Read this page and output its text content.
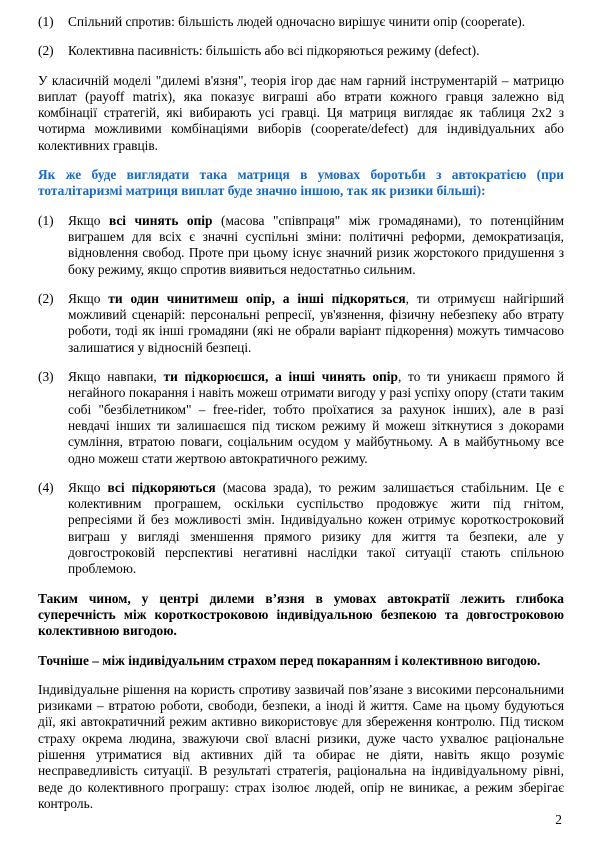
(1) Спільний спротив: більшість людей одночасно вирішує чинити опір (cooperate).
(2) Колективна пасивність: більшість або всі підкоряються режиму (defect).
У класичній моделі "дилемі в'язня", теорія ігор дає нам гарний інструментарій – матрицю виплат (payoff matrix), яка показує виграші або втрати кожного гравця залежно від комбінації стратегій, які вибирають усі гравці. Ця матриця виглядає як таблиця 2х2 з чотирма можливими комбінаціями виборів (cooperate/defect) для індивідуальних або колективних гравців.
Як же буде виглядати така матриця в умовах боротьби з автократією (при тоталітаризмі матриця виплат буде значно іншою, так як ризики більші):
(1) Якщо всі чинять опір (масова "співпраця" між громадянами), то потенційним виграшем для всіх є значні суспільні зміни: політичні реформи, демократизація, відновлення свобод. Проте при цьому існує значний ризик жорстокого придушення з боку режиму, якщо спротив виявиться недостатньо сильним.
(2) Якщо ти один чинитимеш опір, а інші підкоряться, ти отримуєш найгірший можливий сценарій: персональні репресії, ув'язнення, фізичну небезпеку або втрату роботи, тоді як інші громадяни (які не обрали варіант підкорення) можуть тимчасово залишатися у відносній безпеці.
(3) Якщо навпаки, ти підкорюєшся, а інші чинять опір, то ти уникаєш прямого й негайного покарання і навіть можеш отримати вигоду у разі успіху опору (стати таким собі "безбілетником" – free-rider, тобто проїхатися за рахунок інших), але в разі невдачі інших ти залишаєшся під тиском режиму й можеш зіткнутися з докорами сумління, втратою поваги, соціальним осудом у майбутньому. А в майбутньому все одно можеш стати жертвою автократичного режиму.
(4) Якщо всі підкоряються (масова зрада), то режим залишається стабільним. Це є колективним програшем, оскільки суспільство продовжує жити під гнітом, репресіями й без можливості змін. Індивідуально кожен отримує короткостроковий виграш у вигляді зменшення прямого ризику для життя та безпеки, але у довгостроковій перспективі негативні наслідки такої ситуації стають спільною проблемою.
Таким чином, у центрі дилеми в’язня в умовах автократії лежить глибока суперечність між короткостроковою індивідуальною безпекою та довгостроковою колективною вигодою.
Точніше – між індивідуальним страхом перед покаранням і колективною вигодою.
Індивідуальне рішення на користь спротиву зазвичай пов’язане з високими персональними ризиками – втратою роботи, свободи, безпеки, а іноді й життя. Саме на цьому будуються дії, які автократичний режим активно використовує для збереження контролю. Під тиском страху окрема людина, зважуючи свої власні ризики, дуже часто ухвалює раціональне рішення утриматися від активних дій та обирає не діяти, навіть якщо розуміє несправедливість ситуації. В результаті стратегія, раціональна на індивідуальному рівні, веде до колективного програшу: страх ізолює людей, опір не виникає, а режим зберігає контроль.
2
